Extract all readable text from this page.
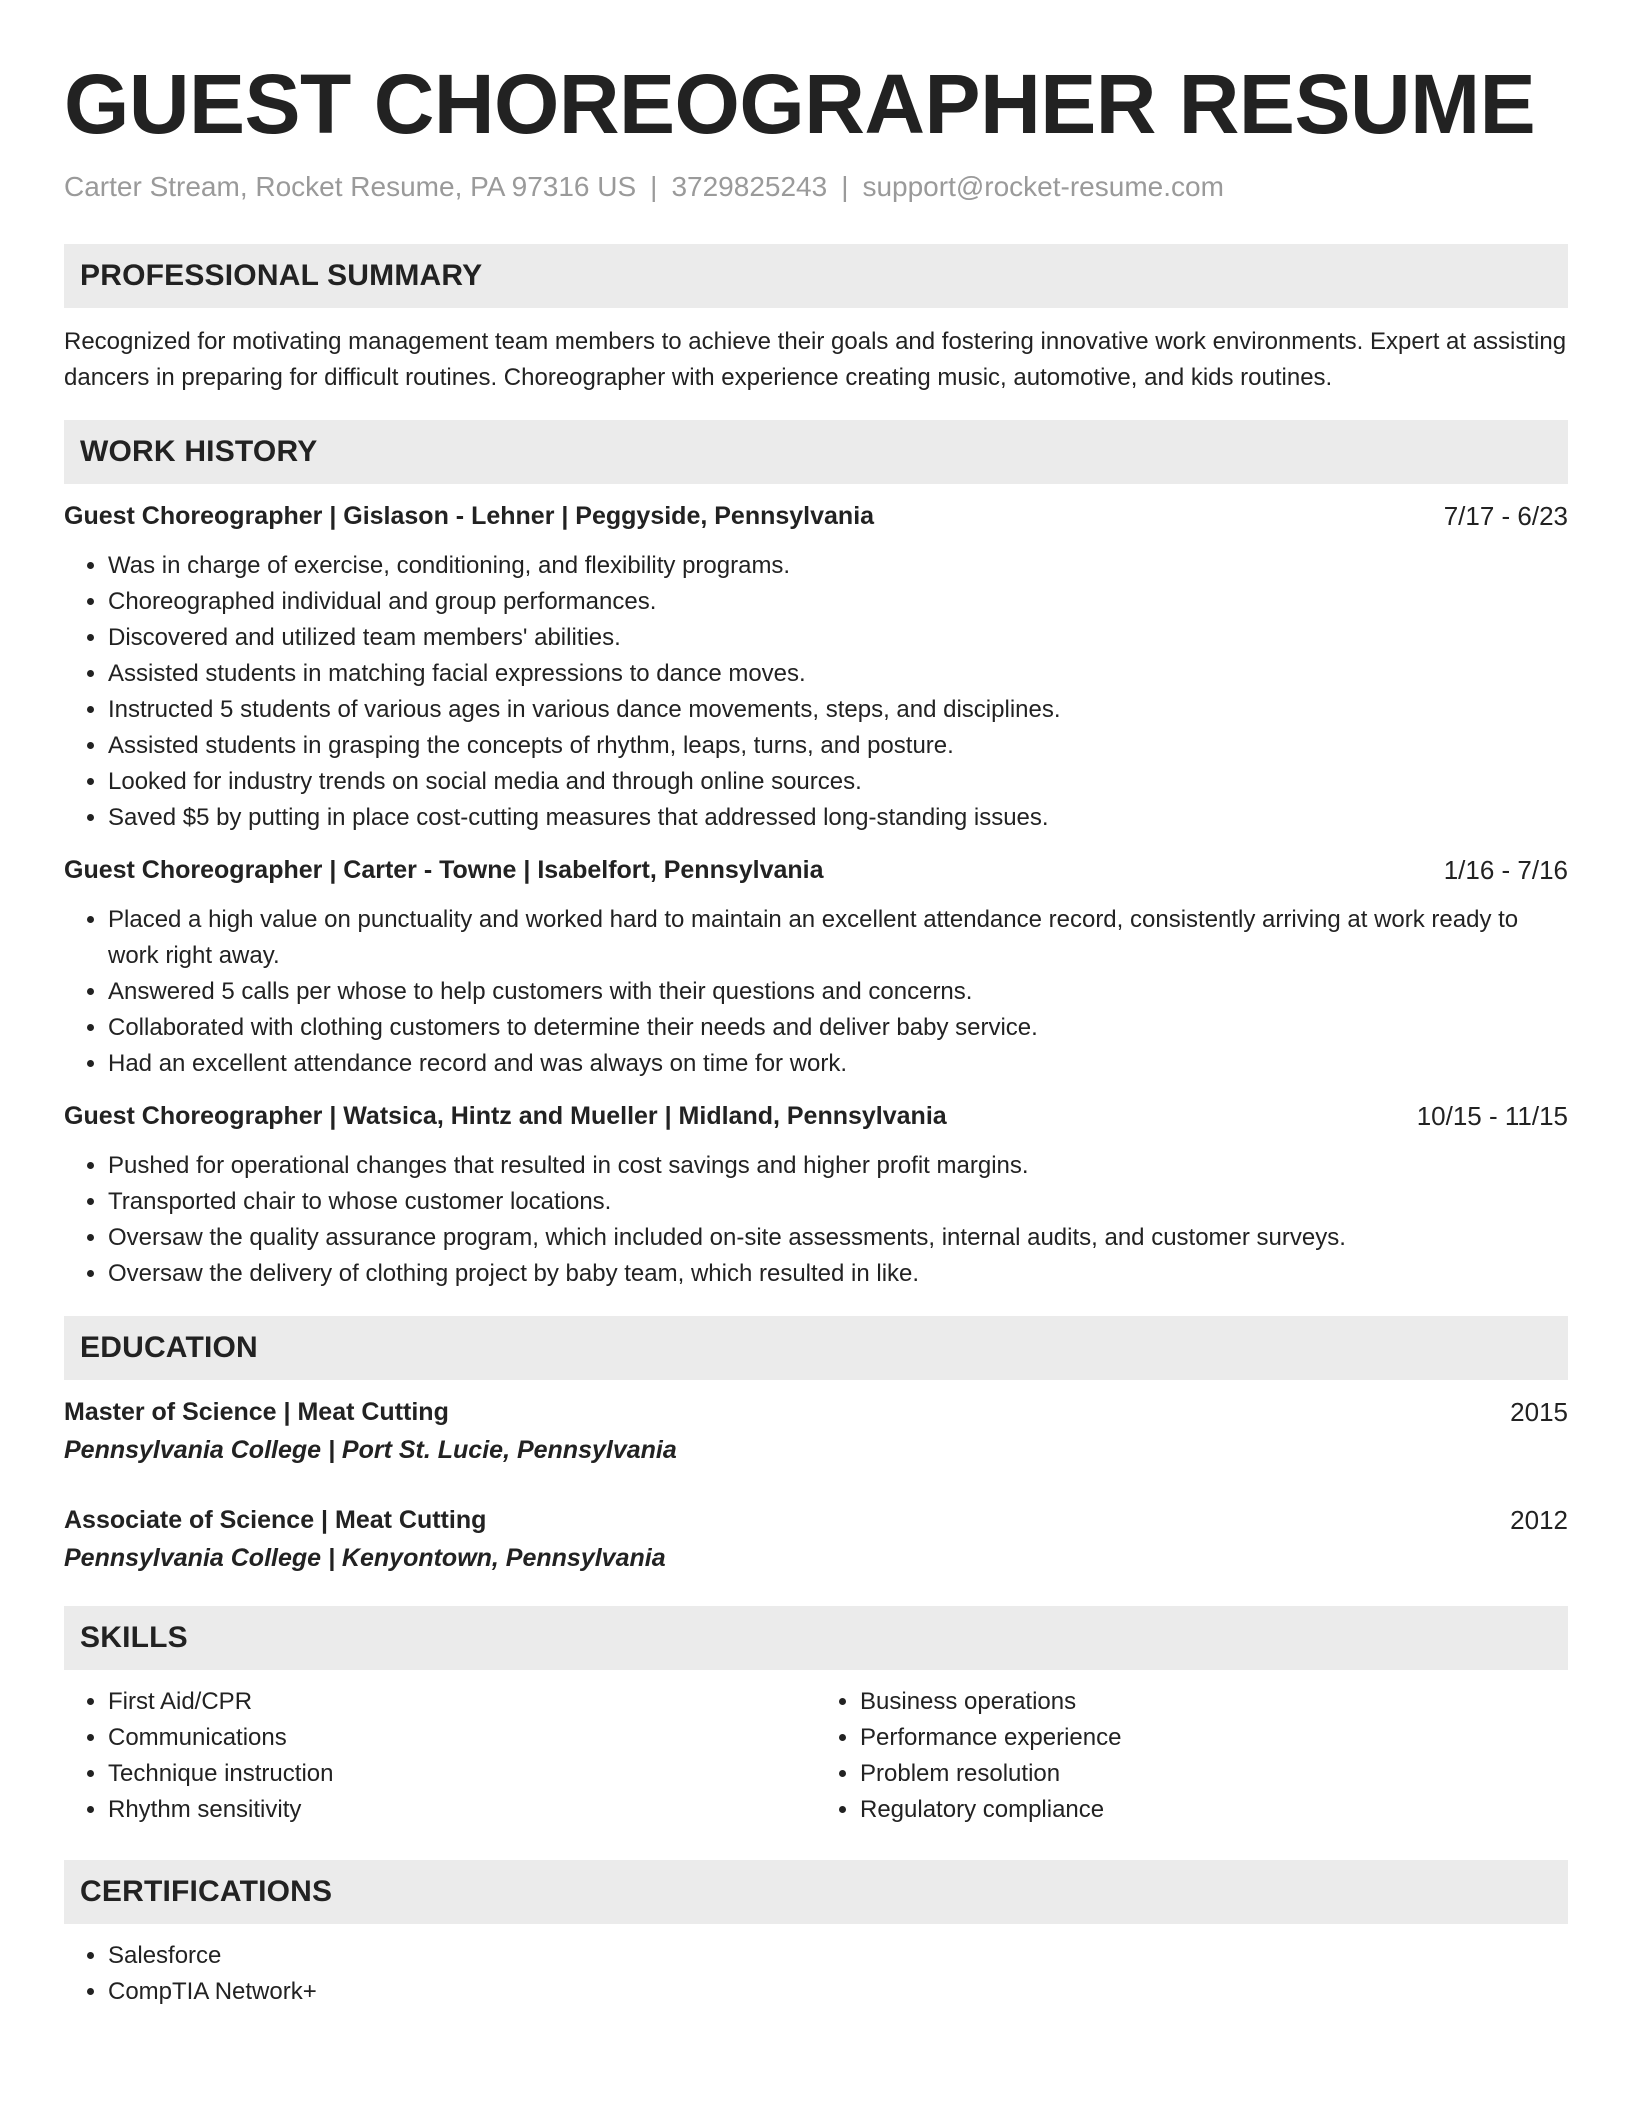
GUEST CHOREOGRAPHER RESUME
Carter Stream, Rocket Resume, PA 97316 US | 3729825243 | support@rocket-resume.com
PROFESSIONAL SUMMARY
Recognized for motivating management team members to achieve their goals and fostering innovative work environments. Expert at assisting dancers in preparing for difficult routines. Choreographer with experience creating music, automotive, and kids routines.
WORK HISTORY
Guest Choreographer | Gislason - Lehner | Peggyside, Pennsylvania	7/17 - 6/23
• Was in charge of exercise, conditioning, and flexibility programs.
• Choreographed individual and group performances.
• Discovered and utilized team members' abilities.
• Assisted students in matching facial expressions to dance moves.
• Instructed 5 students of various ages in various dance movements, steps, and disciplines.
• Assisted students in grasping the concepts of rhythm, leaps, turns, and posture.
• Looked for industry trends on social media and through online sources.
• Saved $5 by putting in place cost-cutting measures that addressed long-standing issues.
Guest Choreographer | Carter - Towne | Isabelfort, Pennsylvania	1/16 - 7/16
• Placed a high value on punctuality and worked hard to maintain an excellent attendance record, consistently arriving at work ready to work right away.
• Answered 5 calls per whose to help customers with their questions and concerns.
• Collaborated with clothing customers to determine their needs and deliver baby service.
• Had an excellent attendance record and was always on time for work.
Guest Choreographer | Watsica, Hintz and Mueller | Midland, Pennsylvania	10/15 - 11/15
• Pushed for operational changes that resulted in cost savings and higher profit margins.
• Transported chair to whose customer locations.
• Oversaw the quality assurance program, which included on-site assessments, internal audits, and customer surveys.
• Oversaw the delivery of clothing project by baby team, which resulted in like.
EDUCATION
Master of Science | Meat Cutting	2015
Pennsylvania College | Port St. Lucie, Pennsylvania
Associate of Science | Meat Cutting	2012
Pennsylvania College | Kenyontown, Pennsylvania
SKILLS
• First Aid/CPR
• Communications
• Technique instruction
• Rhythm sensitivity
• Business operations
• Performance experience
• Problem resolution
• Regulatory compliance
CERTIFICATIONS
• Salesforce
• CompTIA Network+
